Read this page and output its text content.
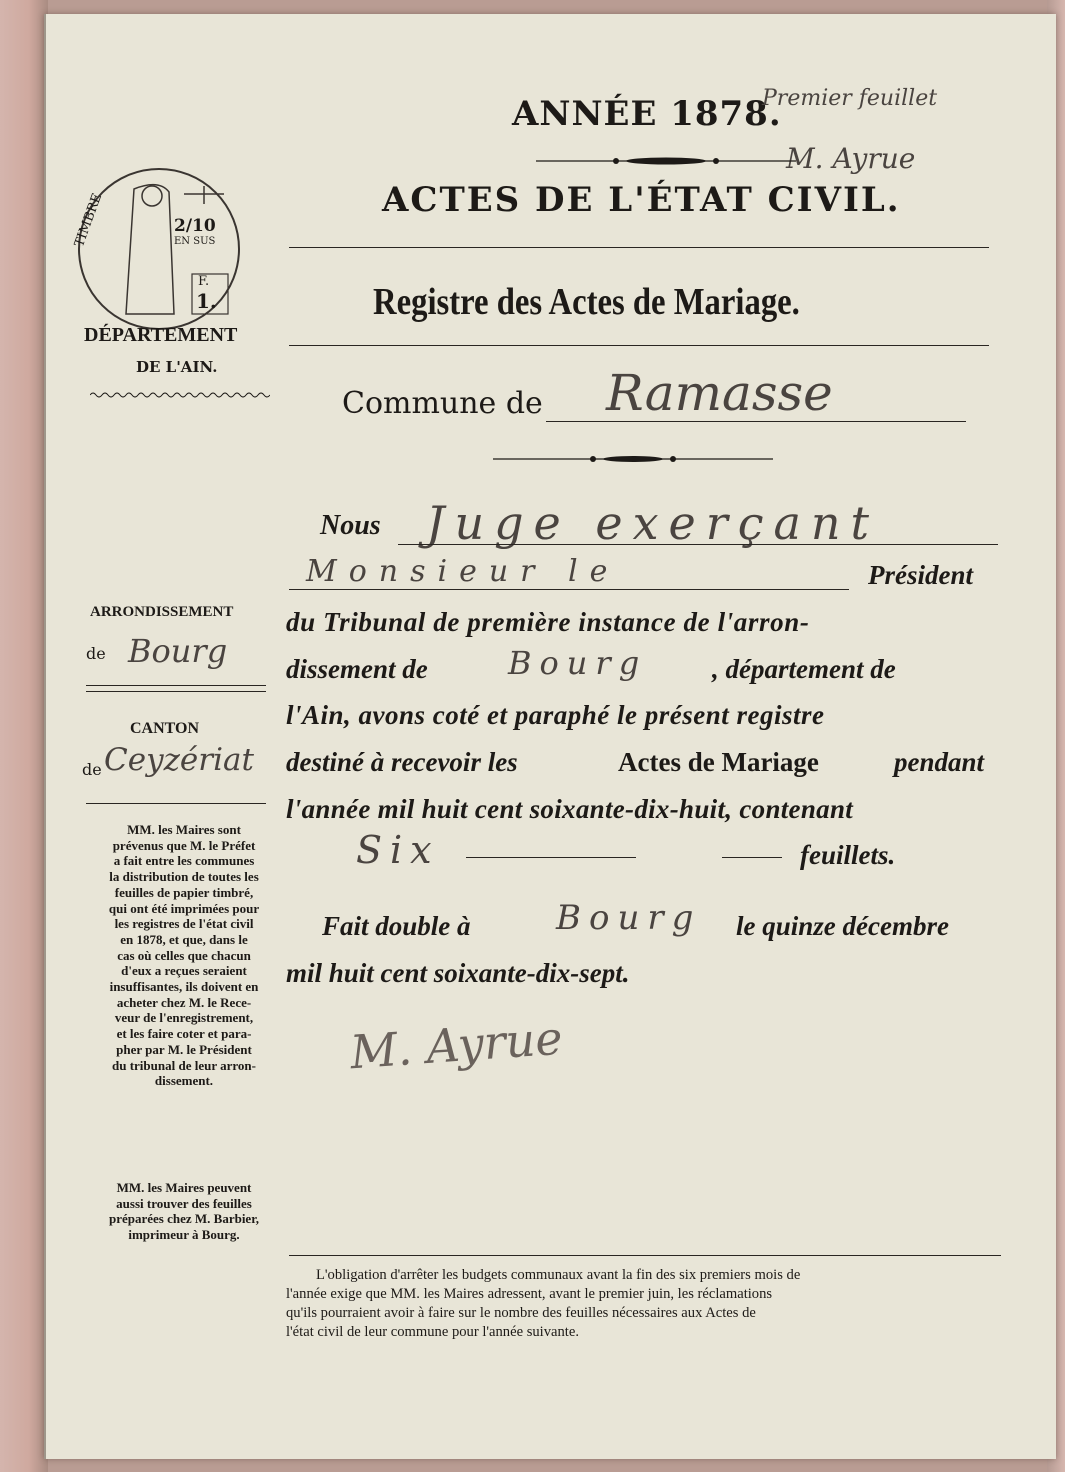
ANNÉE 1878.
Premier feuillet
M. Ayrue
ACTES DE L'ÉTAT CIVIL.
Registre des Actes de Mariage.
Commune de Ramasse
TIMBRE	2/10
EN SUS
F.
1.
DÉPARTEMENT
DE L'AIN.
ARRONDISSEMENT
de Bourg
CANTON
de Ceyzériat
MM. les Maires sont
prévenus que M. le Préfet
a fait entre les communes
la distribution de toutes les
feuilles de papier timbré,
qui ont été imprimées pour
les registres de l'état civil
en 1878, et que, dans le
cas où celles que chacun
d'eux a reçues seraient
insuffisantes, ils doivent en
acheter chez M. le Rece-
veur de l'enregistrement,
et les faire coter et para-
pher par M. le Président
du tribunal de leur arron-
dissement.
MM. les Maires peuvent
aussi trouver des feuilles
préparées chez M. Barbier,
imprimeur à Bourg.
Nous Juge exerçant
Monsieur le	Président
du Tribunal de première instance de l'arron-
dissement de	Bourg , département de
l'Ain, avons coté et paraphé le présent registre
destiné à recevoir les	Actes de Mariage	pendant
l'année mil huit cent soixante-dix-huit, contenant
Six	feuillets.
Fait double à	Bourg le quinze décembre
mil huit cent soixante-dix-sept.
M. Ayrue
L'obligation d'arrêter les budgets communaux avant la fin des six premiers mois de
l'année exige que MM. les Maires adressent, avant le premier juin, les réclamations
qu'ils pourraient avoir à faire sur le nombre des feuilles nécessaires aux Actes de
l'état civil de leur commune pour l'année suivante.
